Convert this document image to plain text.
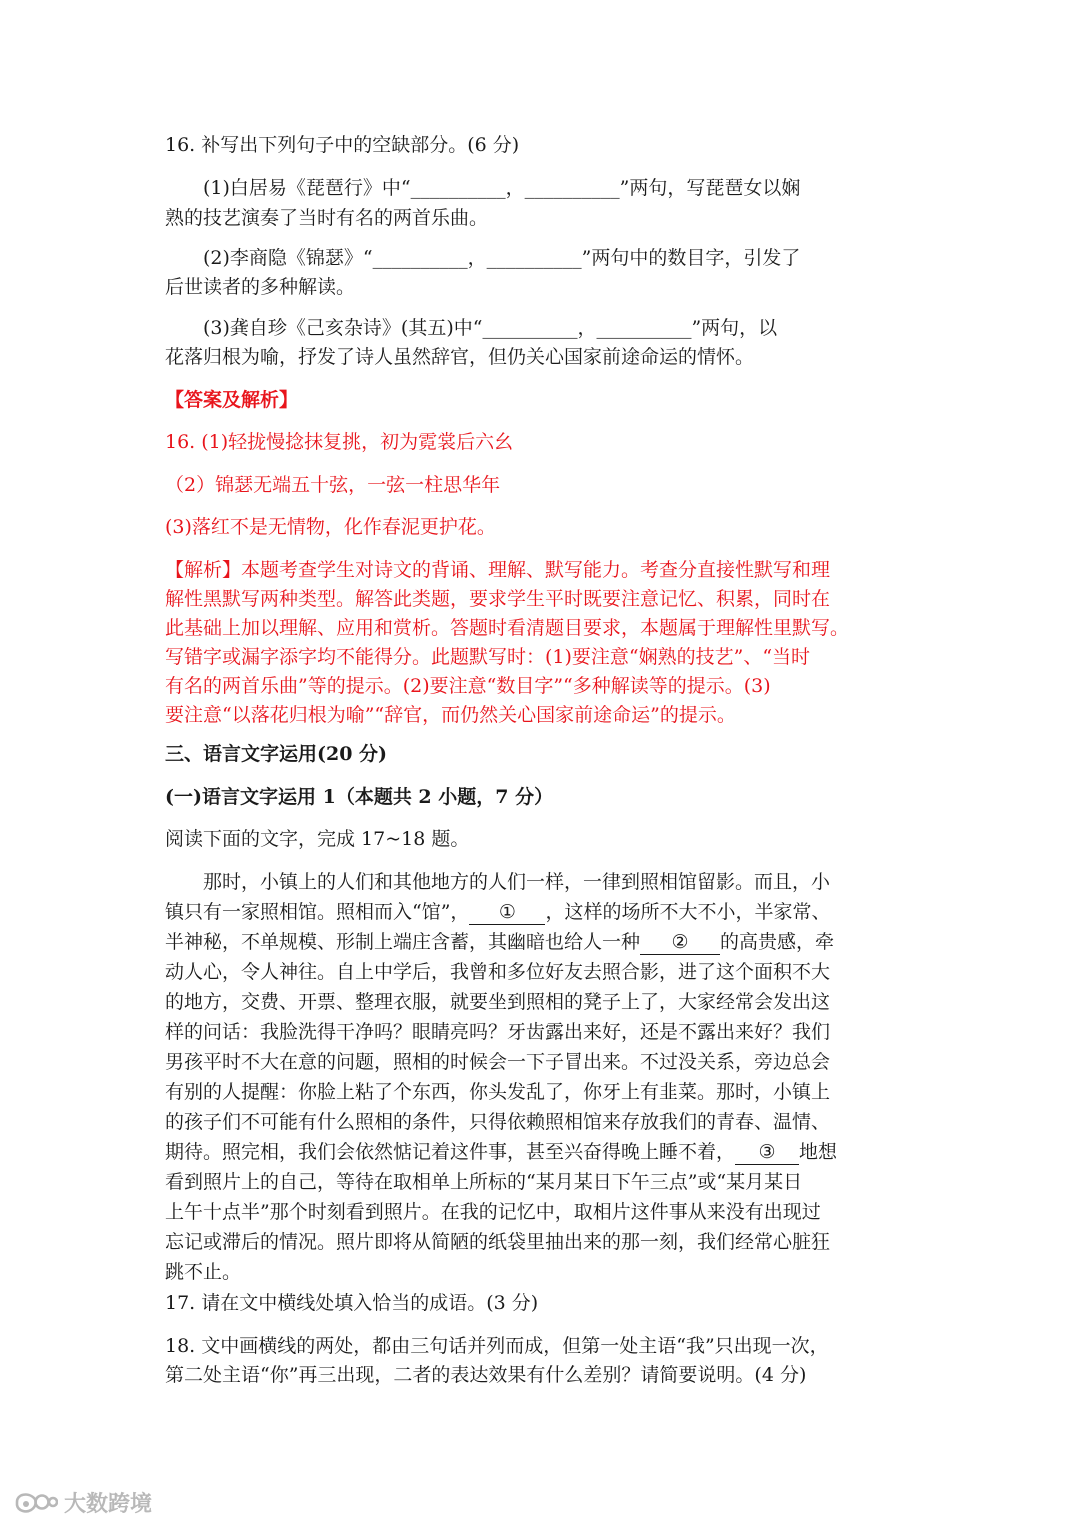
16. 补写出下列句子中的空缺部分。(6 分)
(1)白居易《琵琶行》中“__________，__________”两句，写琵琶女以娴
熟的技艺演奏了当时有名的两首乐曲。
(2)李商隐《锦瑟》“__________，__________”两句中的数目字，引发了
后世读者的多种解读。
(3)龚自珍《己亥杂诗》(其五)中“__________，__________”两句，以
花落归根为喻，抒发了诗人虽然辞官，但仍关心国家前途命运的情怀。
【答案及解析】
16. (1)轻拢慢捻抹复挑，初为霓裳后六幺
（2）锦瑟无端五十弦，一弦一柱思华年
(3)落红不是无情物，化作春泥更护花。
【解析】本题考查学生对诗文的背诵、理解、默写能力。考查分直接性默写和理
解性黑默写两种类型。解答此类题，要求学生平时既要注意记忆、积累，同时在
此基础上加以理解、应用和赏析。答题时看清题目要求，本题属于理解性里默写。
写错字或漏字添字均不能得分。此题默写时：(1)要注意“娴熟的技艺”、“当时
有名的两首乐曲”等的提示。(2)要注意“数目字”“多种解读等的提示。(3)
要注意“以落花归根为喻”“辞官，而仍然关心国家前途命运”的提示。
三、语言文字运用(20 分)
(一)语言文字运用 1（本题共 2 小题，7 分）
阅读下面的文字，完成 17~18 题。
那时，小镇上的人们和其他地方的人们一样，一律到照相馆留影。而且，小
镇只有一家照相馆。照相而入“馆”， ① ，这样的场所不大不小，半家常、
半神秘，不单规模、形制上端庄含蓄，其幽暗也给人一种 ② 的高贵感，牵
动人心，令人神往。自上中学后，我曾和多位好友去照合影，进了这个面积不大
的地方，交费、开票、整理衣服，就要坐到照相的凳子上了，大家经常会发出这
样的问话：我脸洗得干净吗？眼睛亮吗？牙齿露出来好，还是不露出来好？我们
男孩平时不大在意的问题，照相的时候会一下子冒出来。不过没关系，旁边总会
有别的人提醒：你脸上粘了个东西，你头发乱了，你牙上有韭菜。那时，小镇上
的孩子们不可能有什么照相的条件，只得依赖照相馆来存放我们的青春、温情、
期待。照完相，我们会依然惦记着这件事，甚至兴奋得晚上睡不着， ③ 地想
看到照片上的自己，等待在取相单上所标的“某月某日下午三点”或“某月某日
上午十点半”那个时刻看到照片。在我的记忆中，取相片这件事从来没有出现过
忘记或滞后的情况。照片即将从简陋的纸袋里抽出来的那一刻，我们经常心脏狂
跳不止。
17. 请在文中横线处填入恰当的成语。(3 分)
18. 文中画横线的两处，都由三句话并列而成，但第一处主语“我”只出现一次，
第二处主语“你”再三出现，二者的表达效果有什么差别？请简要说明。(4 分)
大数跨境
